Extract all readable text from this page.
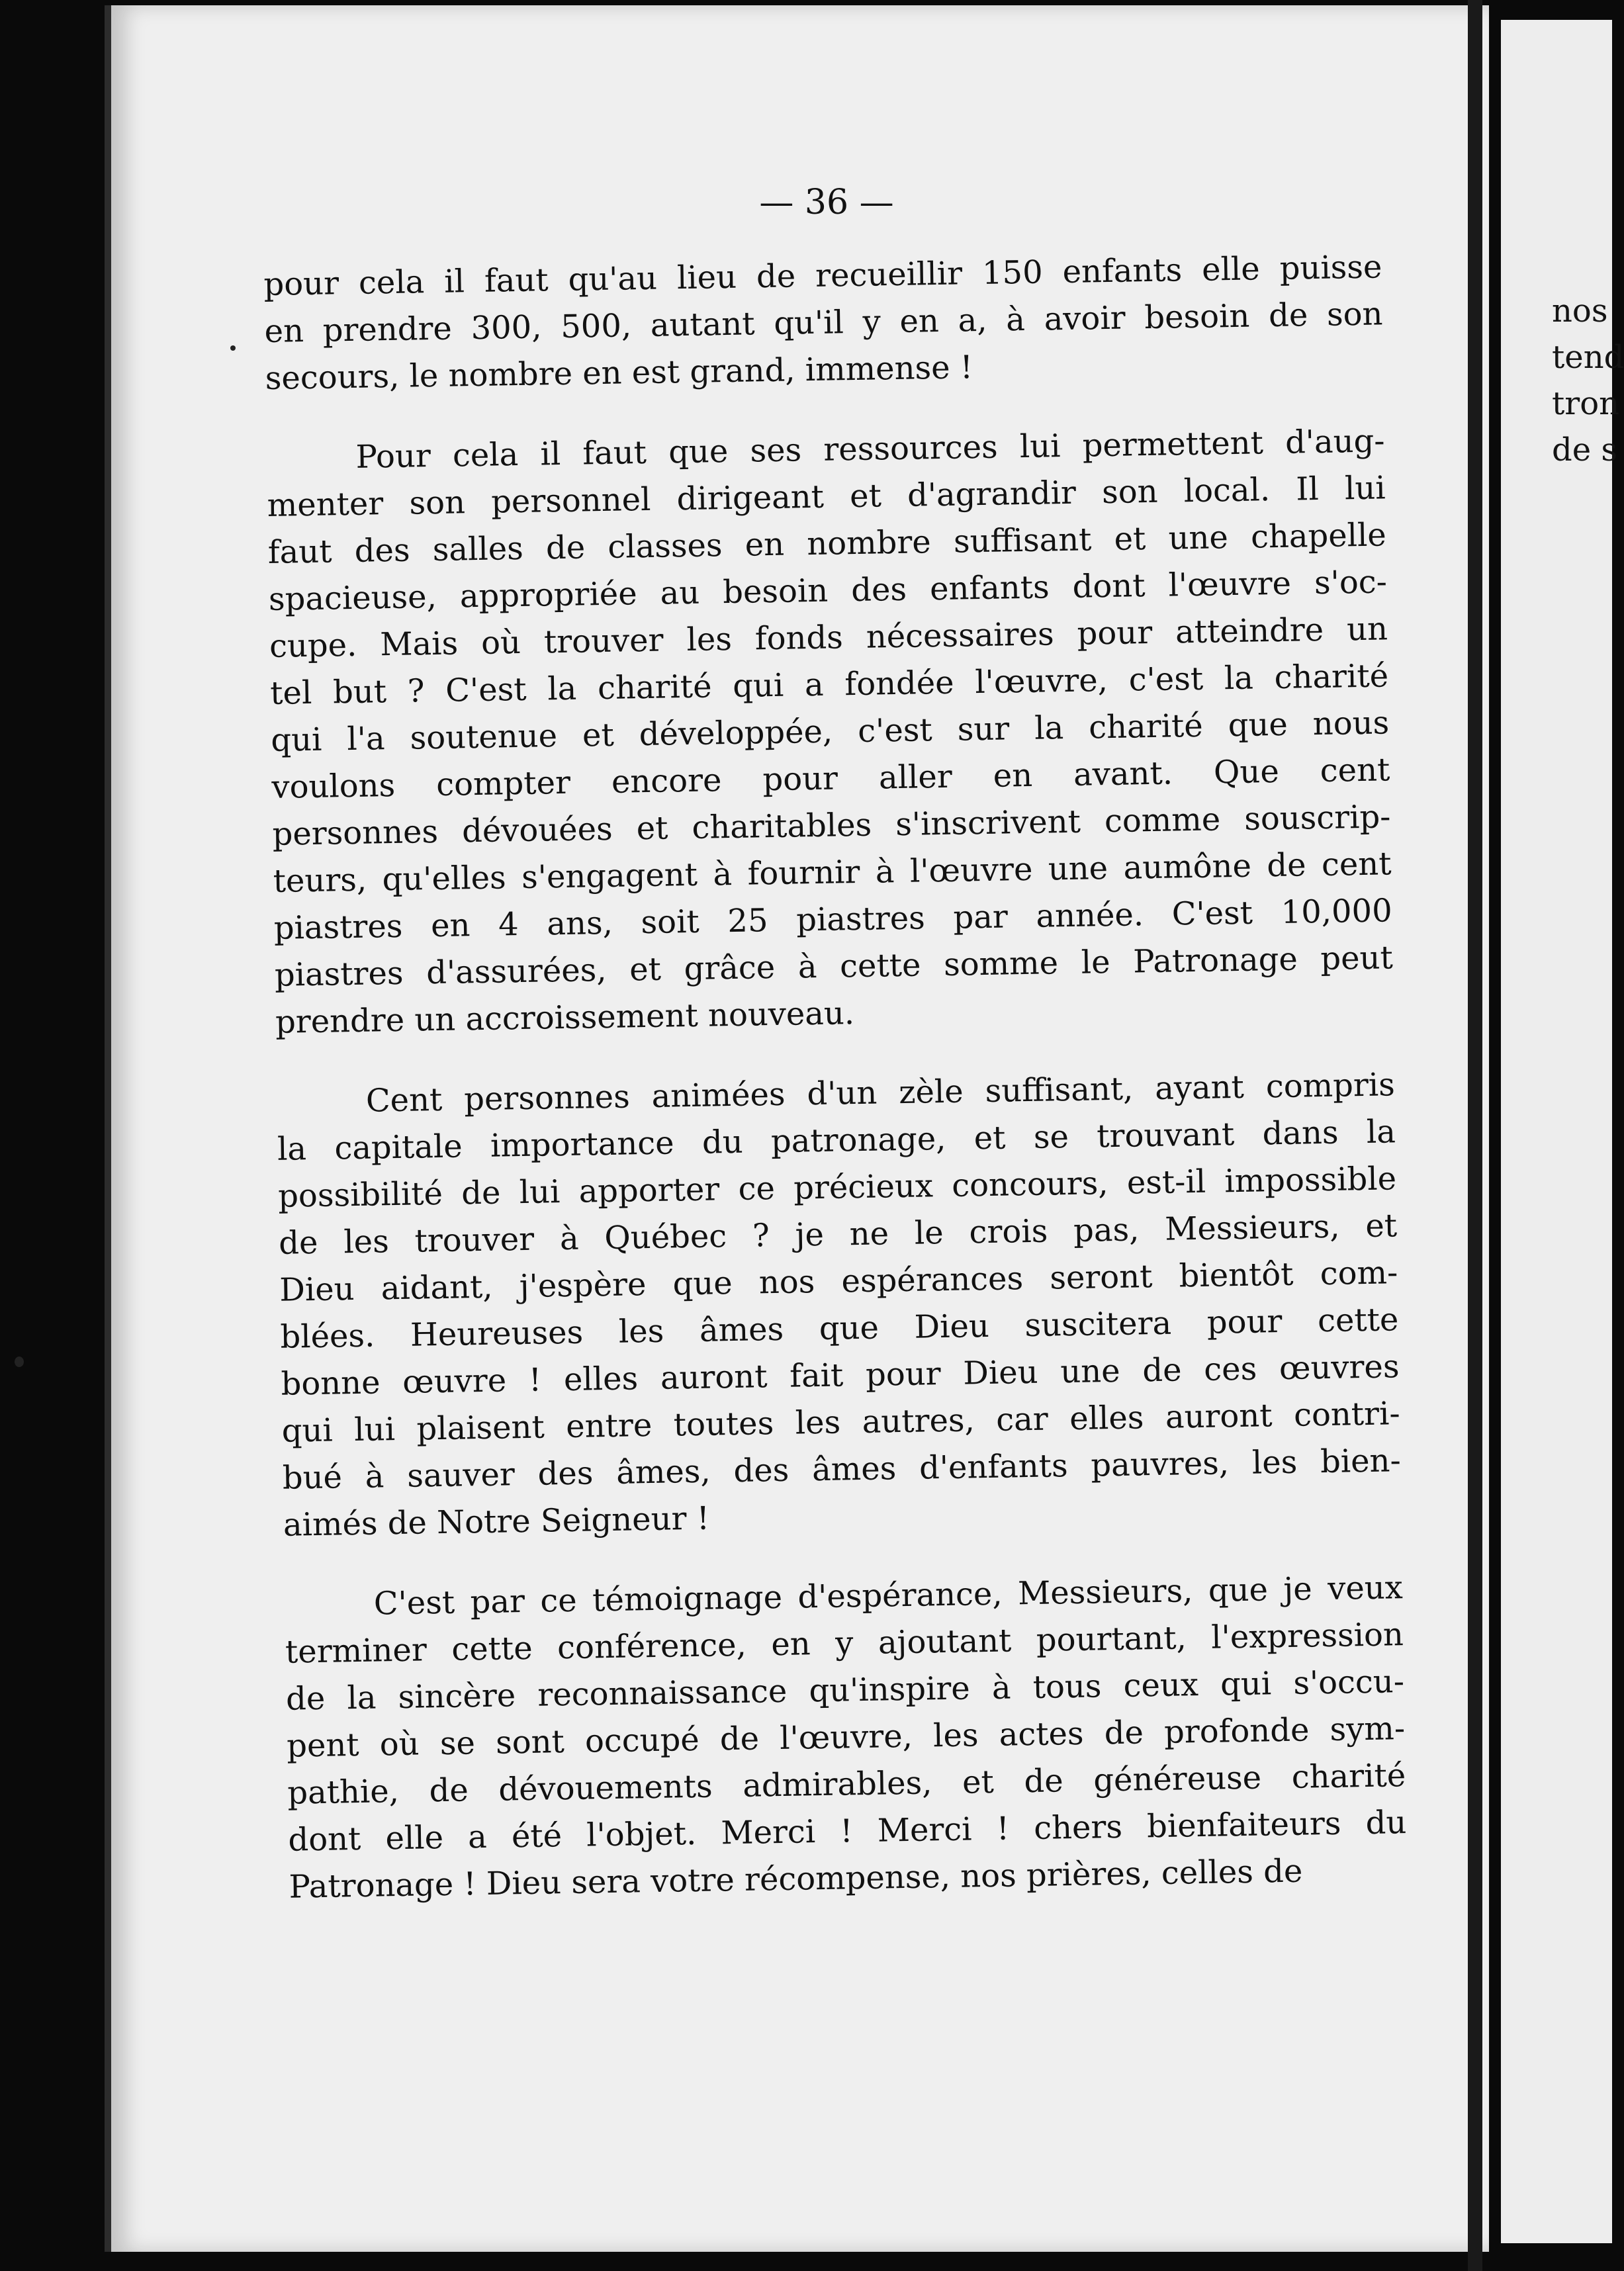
— 36 —
nos
tend
tron
de s
pour cela il faut qu'au lieu de recueillir 150 enfants elle puisse
en prendre 300, 500, autant qu'il y en a, à avoir besoin de son
secours, le nombre en est grand, immense !
Pour cela il faut que ses ressources lui permettent d'aug-
menter son personnel dirigeant et d'agrandir son local. Il lui
faut des salles de classes en nombre suffisant et une chapelle
spacieuse, appropriée au besoin des enfants dont l'œuvre s'oc-
cupe. Mais où trouver les fonds nécessaires pour atteindre un
tel but ? C'est la charité qui a fondée l'œuvre, c'est la charité
qui l'a soutenue et développée, c'est sur la charité que nous
voulons compter encore pour aller en avant. Que cent
personnes dévouées et charitables s'inscrivent comme souscrip-
teurs, qu'elles s'engagent à fournir à l'œuvre une aumône de cent
piastres en 4 ans, soit 25 piastres par année. C'est 10,000
piastres d'assurées, et grâce à cette somme le Patronage peut
prendre un accroissement nouveau.
Cent personnes animées d'un zèle suffisant, ayant compris
la capitale importance du patronage, et se trouvant dans la
possibilité de lui apporter ce précieux concours, est-il impossible
de les trouver à Québec ? je ne le crois pas, Messieurs, et
Dieu aidant, j'espère que nos espérances seront bientôt com-
blées. Heureuses les âmes que Dieu suscitera pour cette
bonne œuvre ! elles auront fait pour Dieu une de ces œuvres
qui lui plaisent entre toutes les autres, car elles auront contri-
bué à sauver des âmes, des âmes d'enfants pauvres, les bien-
aimés de Notre Seigneur !
C'est par ce témoignage d'espérance, Messieurs, que je veux
terminer cette conférence, en y ajoutant pourtant, l'expression
de la sincère reconnaissance qu'inspire à tous ceux qui s'occu-
pent où se sont occupé de l'œuvre, les actes de profonde sym-
pathie, de dévouements admirables, et de généreuse charité
dont elle a été l'objet. Merci ! Merci ! chers bienfaiteurs du
Patronage ! Dieu sera votre récompense, nos prières, celles de
